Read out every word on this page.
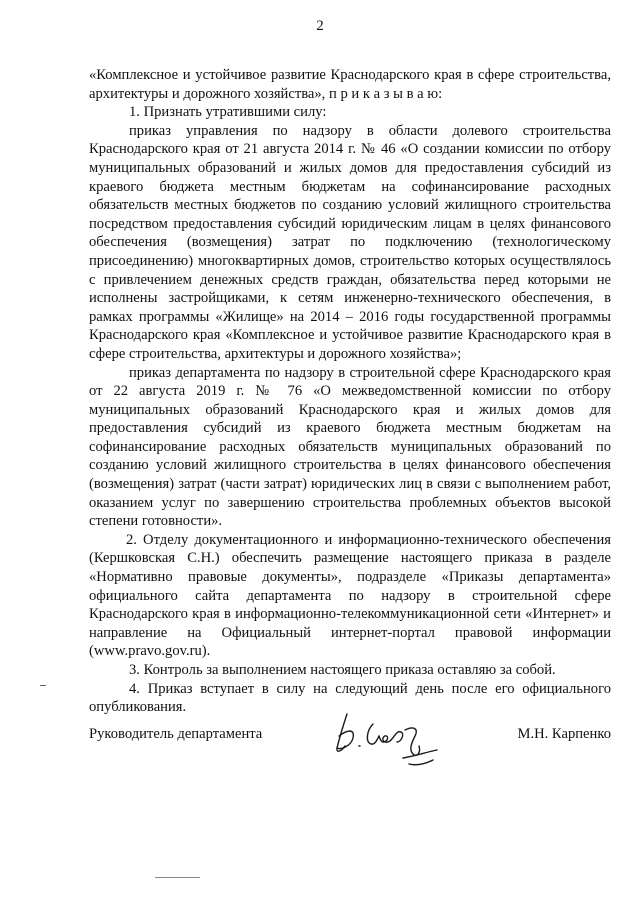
2

«Комплексное и устойчивое развитие Краснодарского края в сфере строительства, архитектуры и дорожного хозяйства», п р и к а з ы в а ю:

1. Признать утратившими силу:

приказ управления по надзору в области долевого строительства Краснодарского края от 21 августа 2014 г. № 46 «О создании комиссии по отбору муниципальных образований и жилых домов для предоставления субсидий из краевого бюджета местным бюджетам на софинансирование расходных обязательств местных бюджетов по созданию условий жилищного строительства посредством предоставления субсидий юридическим лицам в целях финансового обеспечения (возмещения) затрат по подключению (технологическому присоединению) многоквартирных домов, строительство которых осуществлялось с привлечением денежных средств граждан, обязательства перед которыми не исполнены застройщиками, к сетям инженерно-технического обеспечения, в рамках программы «Жилище» на 2014 – 2016 годы государственной программы Краснодарского края «Комплексное и устойчивое развитие Краснодарского края в сфере строительства, архитектуры и дорожного хозяйства»;

приказ департамента по надзору в строительной сфере Краснодарского края от 22 августа 2019 г. № 76 «О межведомственной комиссии по отбору муниципальных образований Краснодарского края и жилых домов для предоставления субсидий из краевого бюджета местным бюджетам на софинансирование расходных обязательств муниципальных образований по созданию условий жилищного строительства в целях финансового обеспечения (возмещения) затрат (части затрат) юридических лиц в связи с выполнением работ, оказанием услуг по завершению строительства проблемных объектов высокой степени готовности».

2. Отделу документационного и информационно-технического обеспечения (Кершковская С.Н.) обеспечить размещение настоящего приказа в разделе «Нормативно правовые документы», подразделе «Приказы департамента» официального сайта департамента по надзору в строительной сфере Краснодарского края в информационно-телекоммуникационной сети «Интернет» и направление на Официальный интернет-портал правовой информации (www.pravo.gov.ru).

3. Контроль за выполнением настоящего приказа оставляю за собой.

4. Приказ вступает в силу на следующий день после его официального опубликования.

Руководитель департамента	М.Н. Карпенко
